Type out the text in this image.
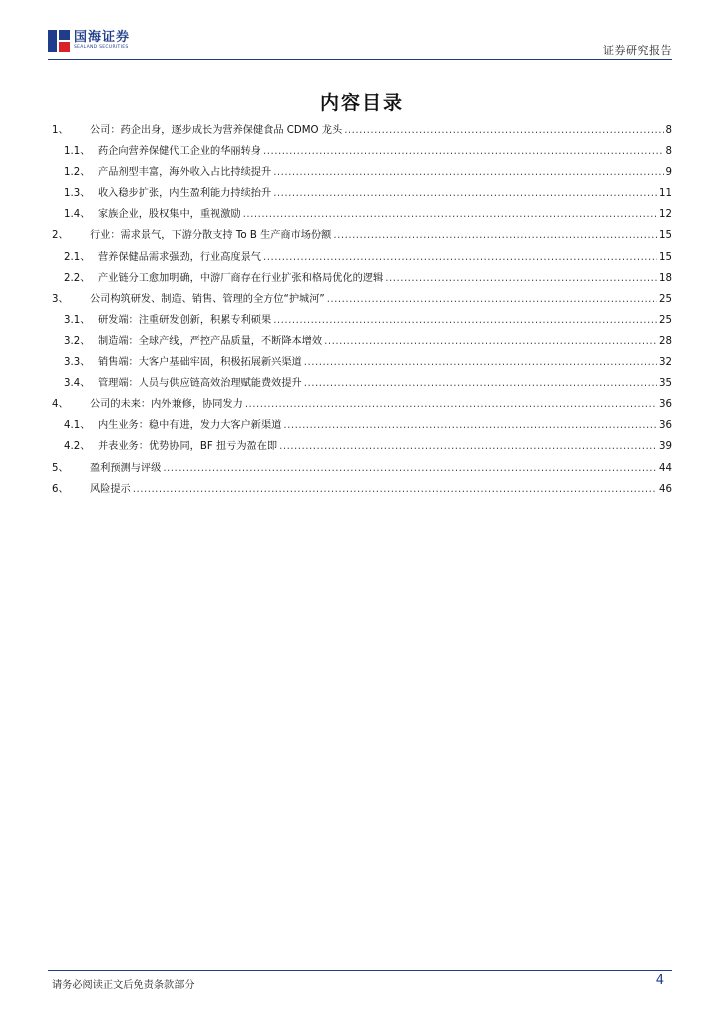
国海证券
SEALAND SECURITIES	证券研究报告
内容目录
1、	公司：药企出身，逐步成长为营养保健食品 CDMO 龙头 .....	8
1.1、 药企向营养保健代工企业的华丽转身 .....	8
1.2、 产品剂型丰富，海外收入占比持续提升 .....	9
1.3、 收入稳步扩张，内生盈利能力持续抬升 .....	11
1.4、 家族企业，股权集中，重视激励 .....	12
2、	行业：需求景气，下游分散支持 To B 生产商市场份额 .....	15
2.1、 营养保健品需求强劲，行业高度景气 .....	15
2.2、 产业链分工愈加明确，中游厂商存在行业扩张和格局优化的逻辑 .....	18
3、	公司构筑研发、制造、销售、管理的全方位“护城河” .....	25
3.1、 研发端：注重研发创新，积累专利硕果 .....	25
3.2、 制造端：全球产线，严控产品质量，不断降本增效 .....	28
3.3、 销售端：大客户基础牢固，积极拓展新兴渠道 .....	32
3.4、 管理端：人员与供应链高效治理赋能费效提升 .....	35
4、	公司的未来：内外兼修，协同发力 .....	36
4.1、 内生业务：稳中有进，发力大客户新渠道 .....	36
4.2、 并表业务：优势协同，BF 扭亏为盈在即 .....	39
5、	盈利预测与评级 .....	44
6、	风险提示 .....	46
请务必阅读正文后免责条款部分	4
